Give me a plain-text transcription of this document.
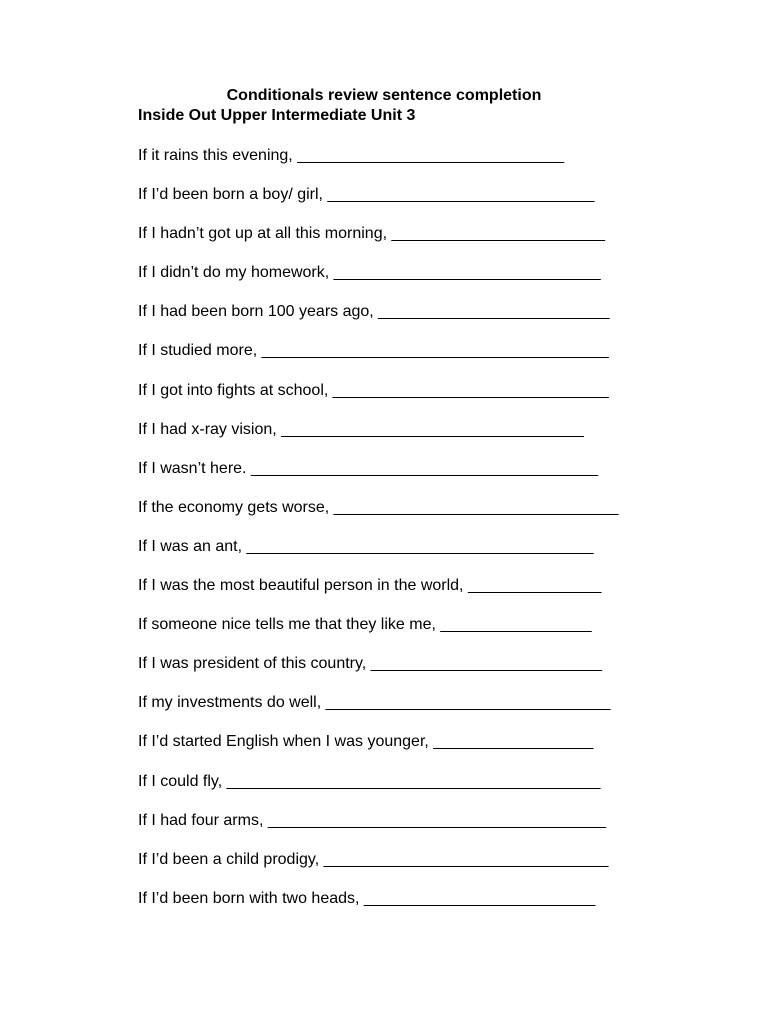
Conditionals review sentence completion
Inside Out Upper Intermediate Unit 3
If it rains this evening, ______________________________
If I’d been born a boy/ girl, ______________________________
If I hadn’t got up at all this morning, ________________________
If I didn’t do my homework, ______________________________
If I had been born 100 years ago, __________________________
If I studied more, _______________________________________
If I got into fights at school, _______________________________
If I had x-ray vision, __________________________________
If I wasn’t here. _______________________________________
If the economy gets worse, ________________________________
If I was an ant, _______________________________________
If I was the most beautiful person in the world, _______________
If someone nice tells me that they like me, _________________
If I was president of this country, __________________________
If my investments do well, ________________________________
If I’d started English when I was younger, __________________
If I could fly, __________________________________________
If I had four arms, ______________________________________
If I’d been a child prodigy, ________________________________
If I’d been born with two heads, __________________________
